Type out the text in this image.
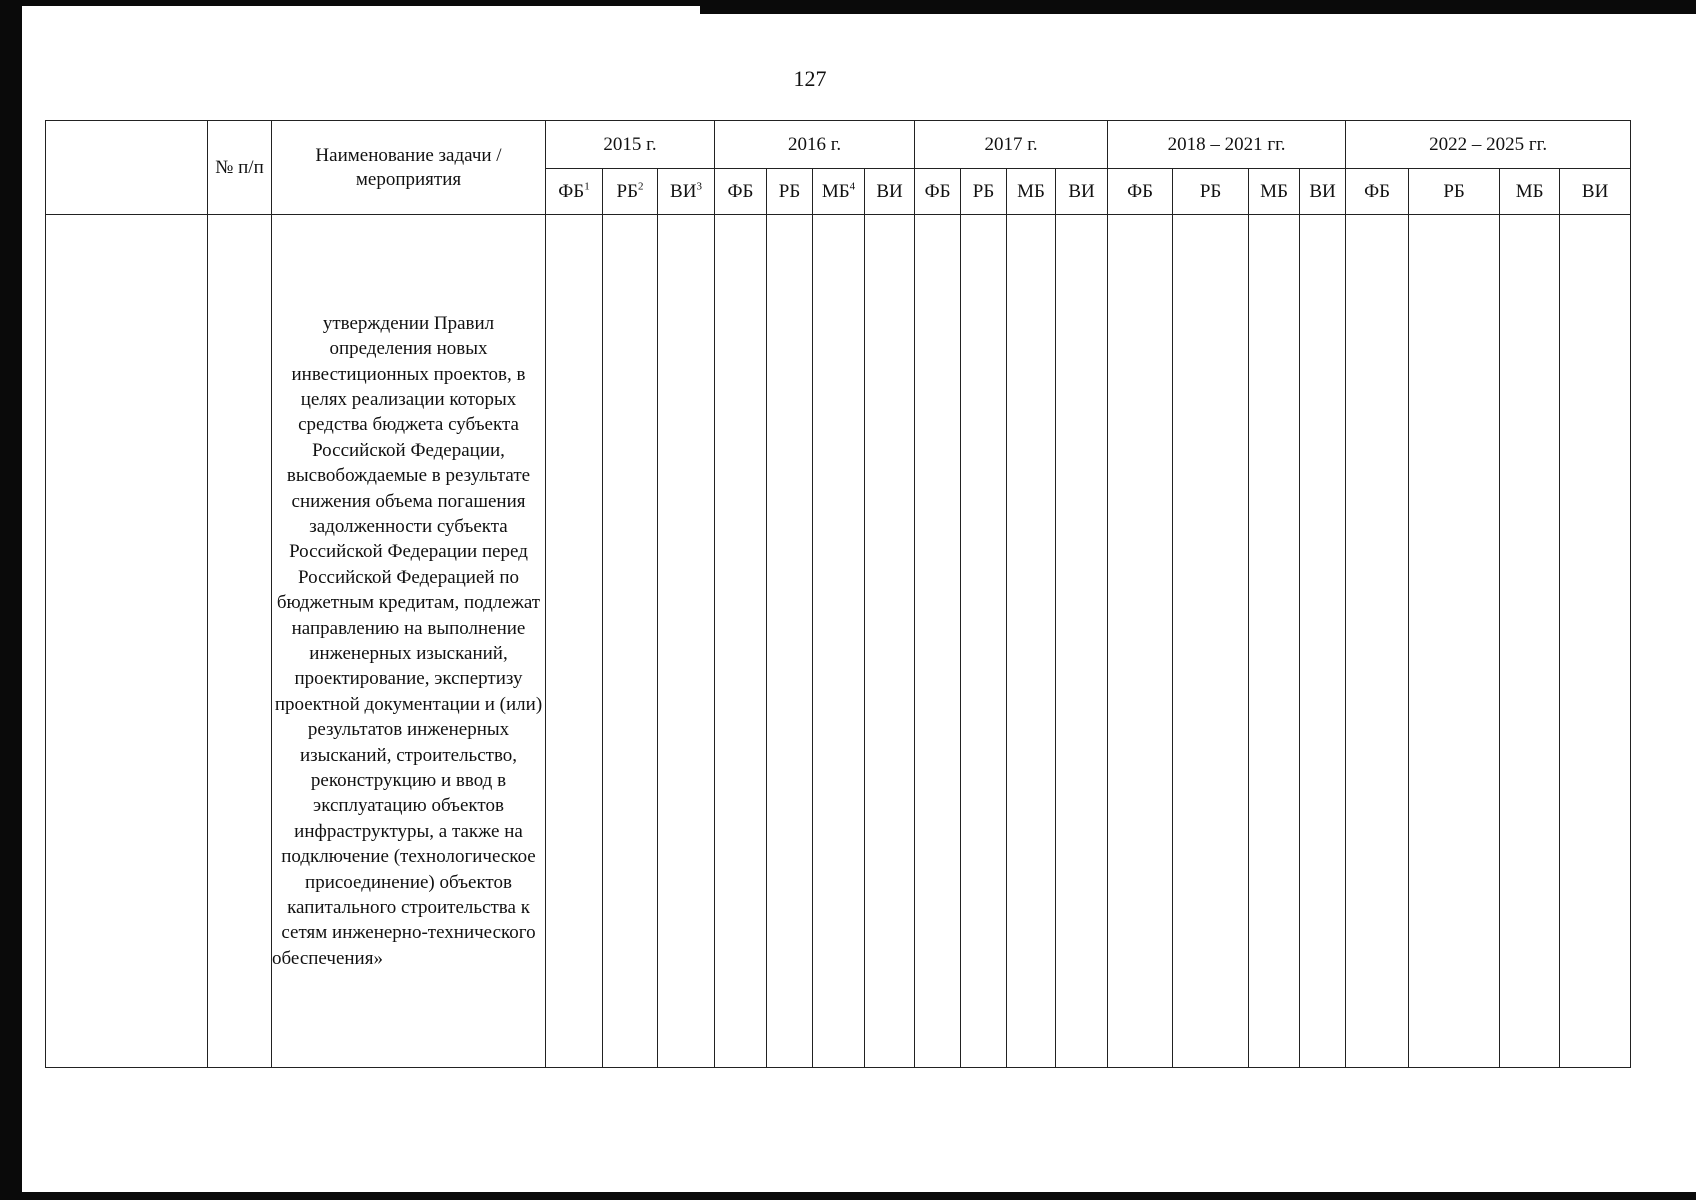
127
	№ п/п	Наименование задачи / мероприятия	2015 г.			2016 г.				2017 г.				2018 – 2021 гг.				2022 – 2025 гг.			
			$ФБ^1$	$РБ^2$	$ВИ^3$	ФБ	РБ	$МБ^4$	ВИ	ФБ	РБ	МБ	ВИ	ФБ	РБ	МБ	ВИ	ФБ	РБ	МБ	ВИ
		утверждении Правил определения новых инвестиционных проектов, в целях реализации которых средства бюджета субъекта Российской Федерации, высвобождаемые в результате снижения объема погашения задолженности субъекта Российской Федерации перед Российской Федерацией по бюджетным кредитам, подлежат направлению на выполнение инженерных изысканий, проектирование, экспертизу проектной документации и (или) результатов инженерных изысканий, строительство, реконструкцию и ввод в эксплуатацию объектов инфраструктуры, а также на подключение (технологическое присоединение) объектов капитального строительства к сетям инженерно-технического обеспечения»																			
